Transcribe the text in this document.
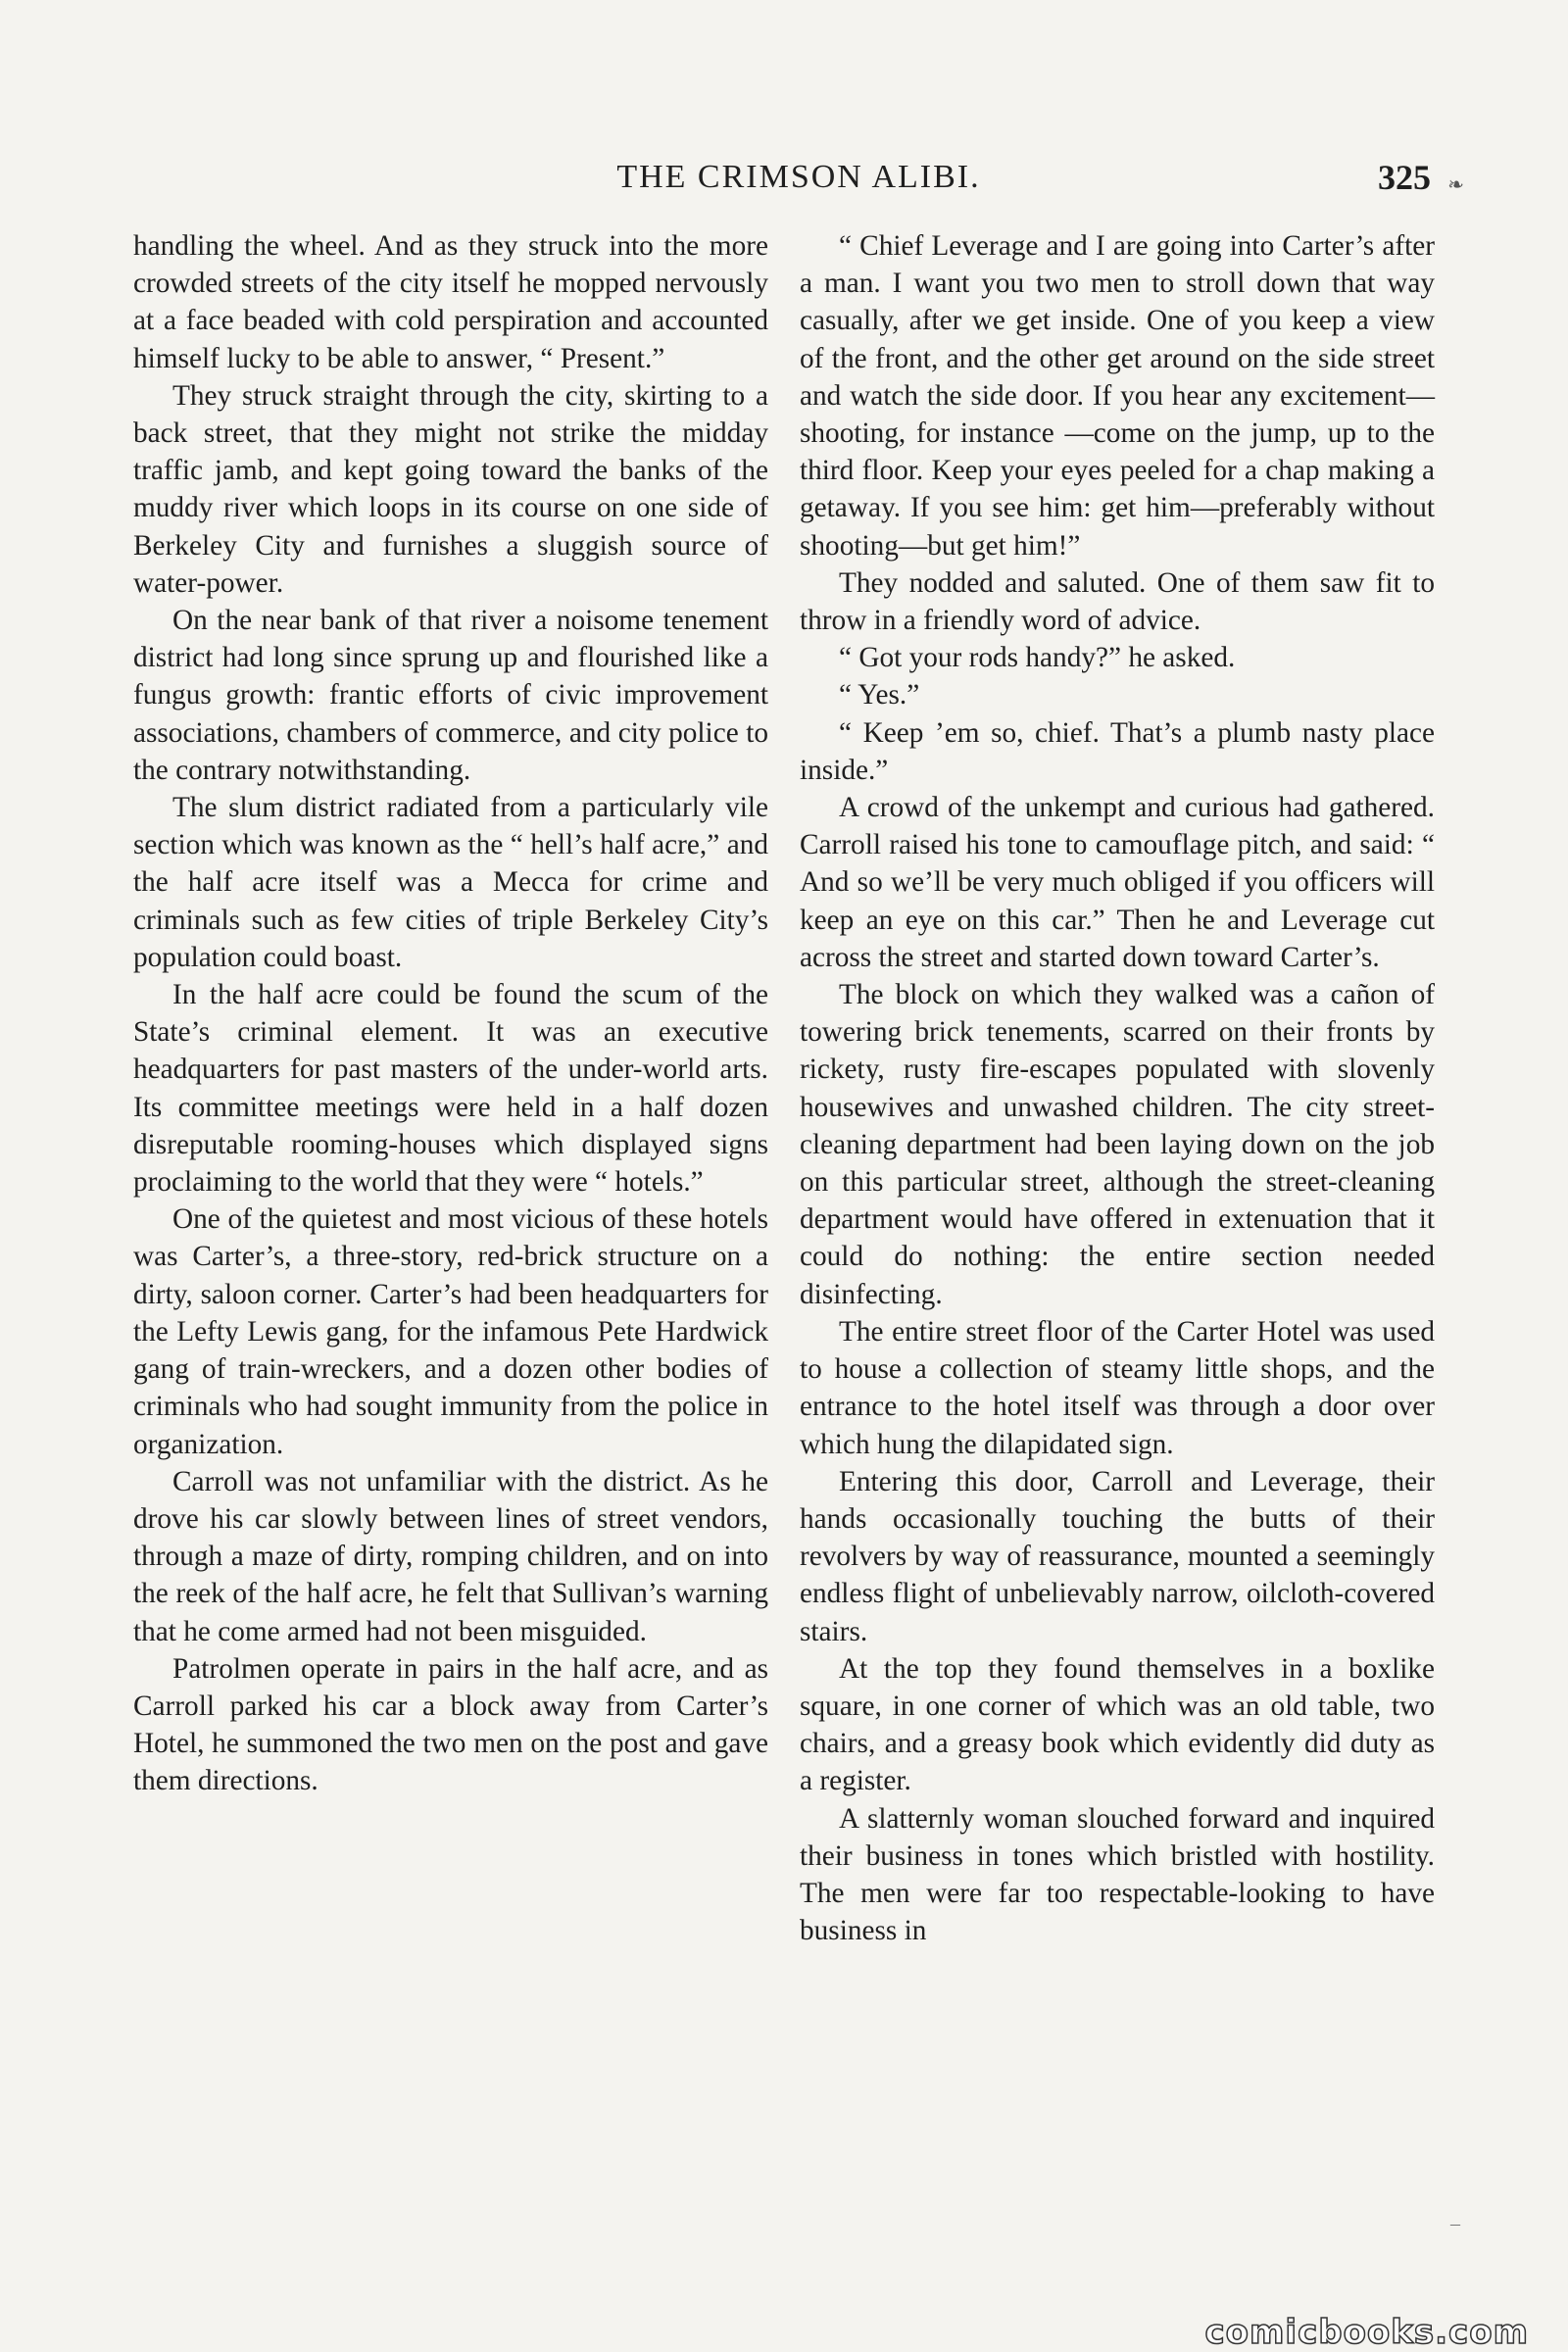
THE CRIMSON ALIBI.	325 ❧

handling the wheel. And as they struck into the more crowded streets of the city itself he mopped nervously at a face beaded with cold perspiration and accounted himself lucky to be able to answer, “ Present.”

They struck straight through the city, skirting to a back street, that they might not strike the midday traffic jamb, and kept going toward the banks of the muddy river which loops in its course on one side of Berkeley City and furnishes a sluggish source of water-power.

On the near bank of that river a noisome tenement district had long since sprung up and flourished like a fungus growth: frantic efforts of civic improvement associations, chambers of commerce, and city police to the contrary notwithstanding.

The slum district radiated from a particularly vile section which was known as the “ hell’s half acre,” and the half acre itself was a Mecca for crime and criminals such as few cities of triple Berkeley City’s population could boast.

In the half acre could be found the scum of the State’s criminal element. It was an executive headquarters for past masters of the under-world arts. Its committee meetings were held in a half dozen disreputable rooming-houses which displayed signs proclaiming to the world that they were “ hotels.”

One of the quietest and most vicious of these hotels was Carter’s, a three-story, red-brick structure on a dirty, saloon corner. Carter’s had been headquarters for the Lefty Lewis gang, for the infamous Pete Hardwick gang of train-wreckers, and a dozen other bodies of criminals who had sought immunity from the police in organization.

Carroll was not unfamiliar with the district. As he drove his car slowly between lines of street vendors, through a maze of dirty, romping children, and on into the reek of the half acre, he felt that Sullivan’s warning that he come armed had not been misguided.

Patrolmen operate in pairs in the half acre, and as Carroll parked his car a block away from Carter’s Hotel, he summoned the two men on the post and gave them directions.

“ Chief Leverage and I are going into Carter’s after a man. I want you two men to stroll down that way casually, after we get inside. One of you keep a view of the front, and the other get around on the side street and watch the side door. If you hear any excitement—shooting, for instance —come on the jump, up to the third floor. Keep your eyes peeled for a chap making a getaway. If you see him: get him—preferably without shooting—but get him!”

They nodded and saluted. One of them saw fit to throw in a friendly word of advice.

“ Got your rods handy?” he asked.

“ Yes.”

“ Keep ’em so, chief. That’s a plumb nasty place inside.”

A crowd of the unkempt and curious had gathered. Carroll raised his tone to camouflage pitch, and said: “ And so we’ll be very much obliged if you officers will keep an eye on this car.” Then he and Leverage cut across the street and started down toward Carter’s.

The block on which they walked was a cañon of towering brick tenements, scarred on their fronts by rickety, rusty fire-escapes populated with slovenly housewives and unwashed children. The city street-cleaning department had been laying down on the job on this particular street, although the street-cleaning department would have offered in extenuation that it could do nothing: the entire section needed disinfecting.

The entire street floor of the Carter Hotel was used to house a collection of steamy little shops, and the entrance to the hotel itself was through a door over which hung the dilapidated sign.

Entering this door, Carroll and Leverage, their hands occasionally touching the butts of their revolvers by way of reassurance, mounted a seemingly endless flight of unbelievably narrow, oilcloth-covered stairs.

At the top they found themselves in a boxlike square, in one corner of which was an old table, two chairs, and a greasy book which evidently did duty as a register.

A slatternly woman slouched forward and inquired their business in tones which bristled with hostility. The men were far too respectable-looking to have business in

–
comicbooks.com
